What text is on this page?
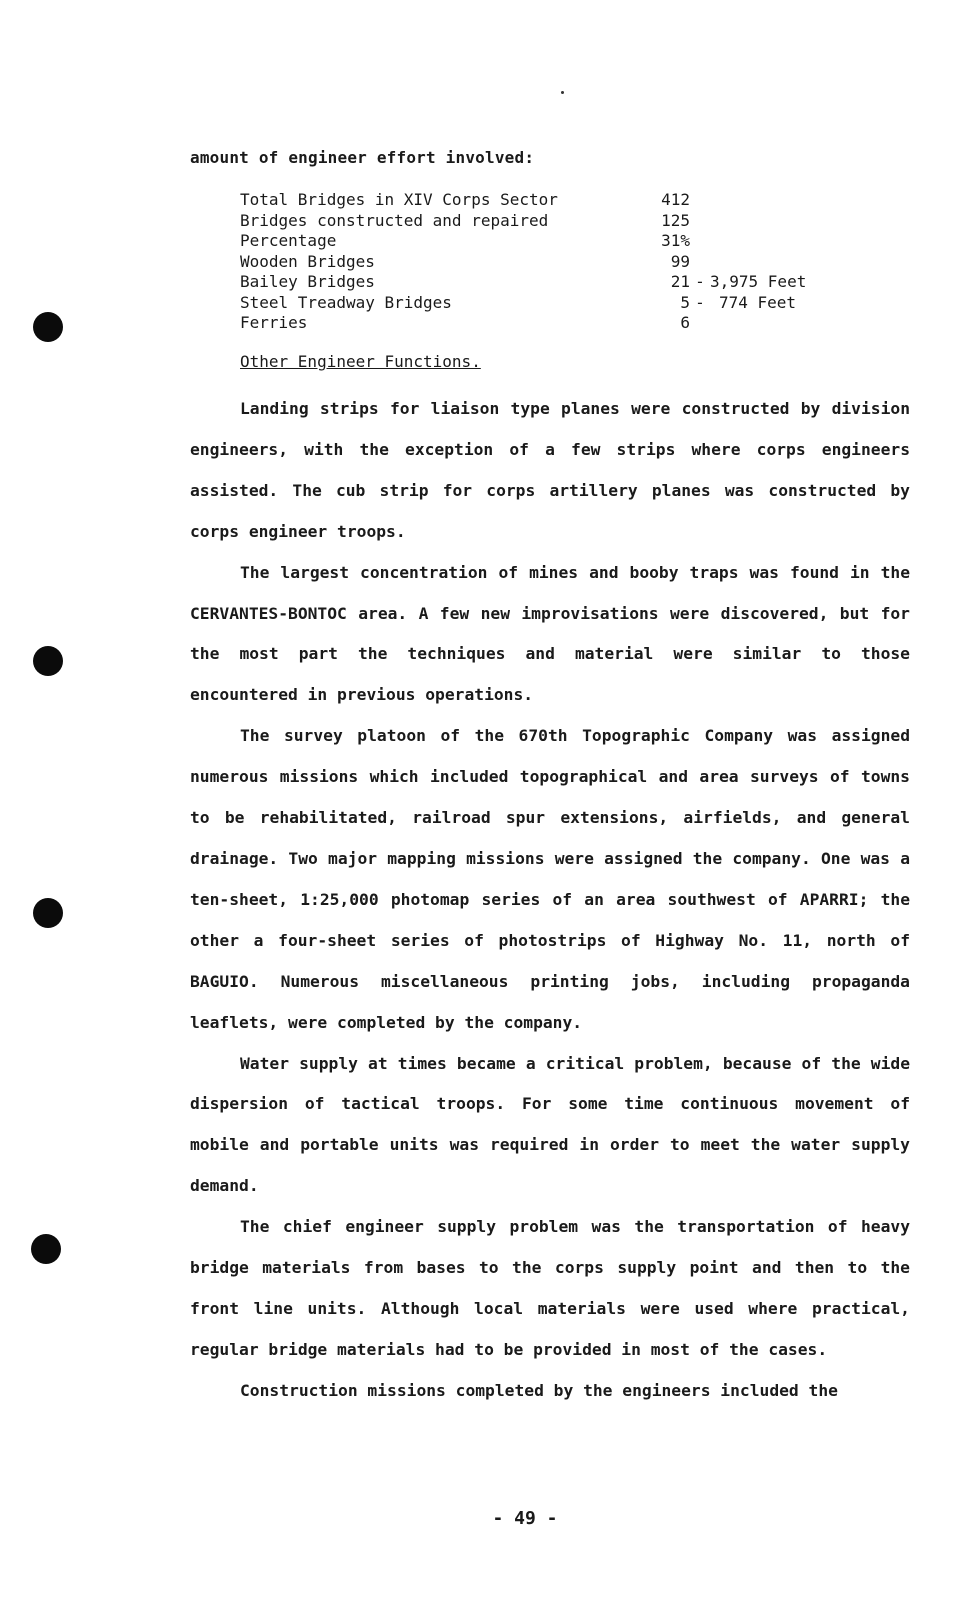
amount of engineer effort involved:
Total Bridges in XIV Corps Sector	412
Bridges constructed and repaired	125
Percentage	31%
Wooden Bridges	99
Bailey Bridges	21 - 3,975 Feet
Steel Treadway Bridges	5 - 774 Feet
Ferries	6
Other Engineer Functions.

Landing strips for liaison type planes were constructed by division engineers, with the exception of a few strips where corps engineers assisted. The cub strip for corps artillery planes was constructed by corps engineer troops.

The largest concentration of mines and booby traps was found in the CERVANTES-BONTOC area. A few new improvisations were discovered, but for the most part the techniques and material were similar to those encountered in previous operations.

The survey platoon of the 670th Topographic Company was assigned numerous missions which included topographical and area surveys of towns to be rehabilitated, railroad spur extensions, airfields, and general drainage. Two major mapping missions were assigned the company. One was a ten-sheet, 1:25,000 photomap series of an area southwest of APARRI; the other a four-sheet series of photostrips of Highway No. 11, north of BAGUIO. Numerous miscellaneous printing jobs, including propaganda leaflets, were completed by the company.

Water supply at times became a critical problem, because of the wide dispersion of tactical troops. For some time continuous movement of mobile and portable units was required in order to meet the water supply demand.

The chief engineer supply problem was the transportation of heavy bridge materials from bases to the corps supply point and then to the front line units. Although local materials were used where practical, regular bridge materials had to be provided in most of the cases.

Construction missions completed by the engineers included the

- 49 -
